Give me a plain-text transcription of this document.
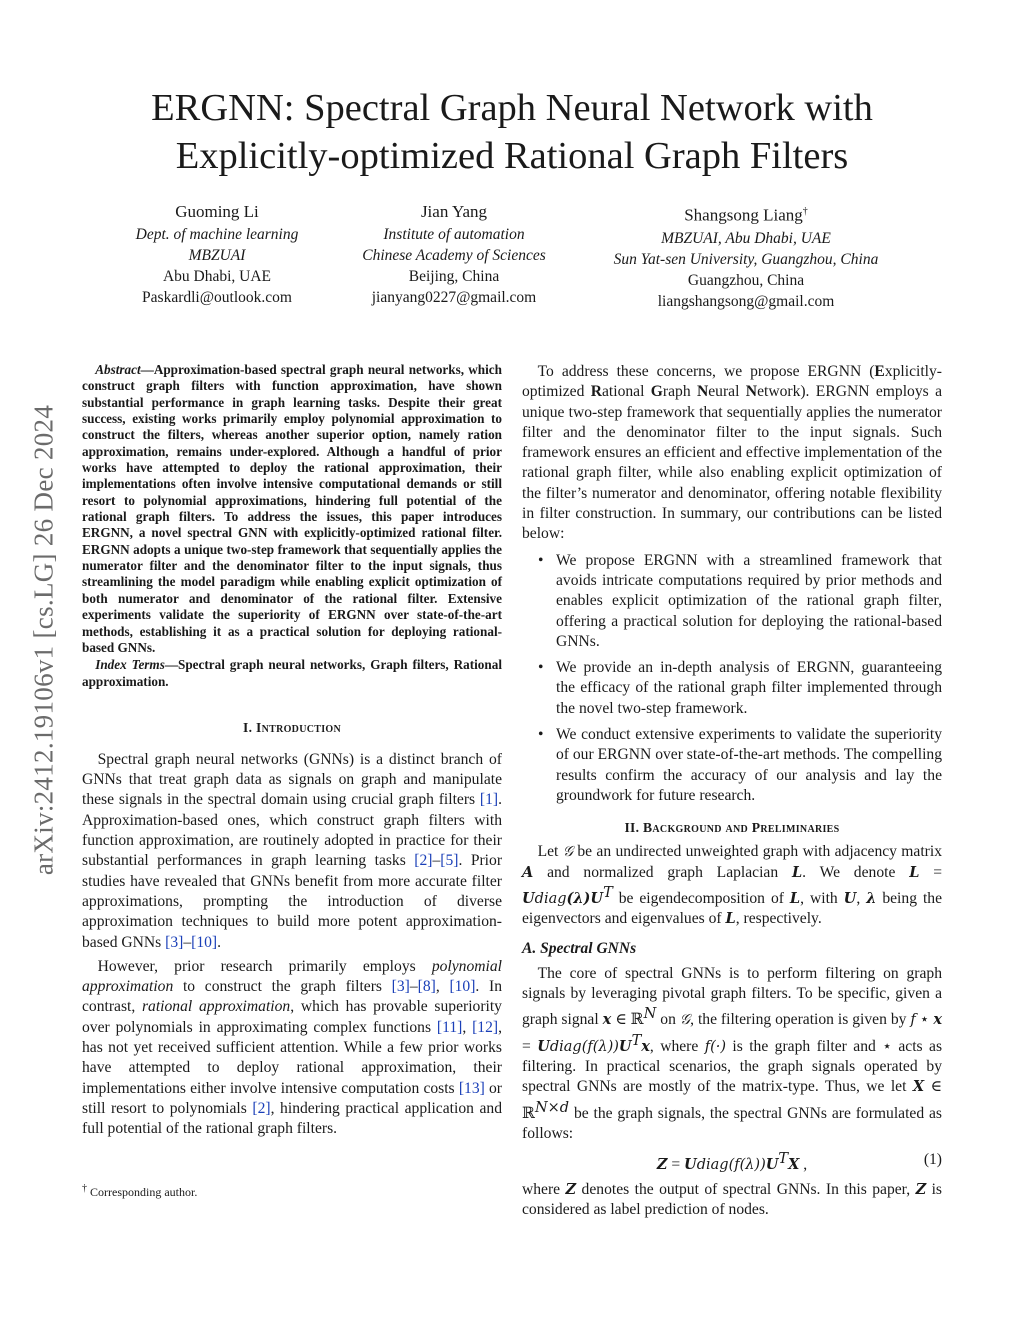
arXiv:2412.19106v1 [cs.LG] 26 Dec 2024
ERGNN: Spectral Graph Neural Network with
Explicitly-optimized Rational Graph Filters
Guoming Li
Dept. of machine learning
MBZUAI
Abu Dhabi, UAE
Paskardli@outlook.com
Jian Yang
Institute of automation
Chinese Academy of Sciences
Beijing, China
jianyang0227@gmail.com
Shangsong Liang†
MBZUAI, Abu Dhabi, UAE
Sun Yat-sen University, Guangzhou, China
Guangzhou, China
liangshangsong@gmail.com

Abstract—Approximation-based spectral graph neural networks, which construct graph filters with function approximation, have shown substantial performance in graph learning tasks. Despite their great success, existing works primarily employ polynomial approximation to construct the filters, whereas another superior option, namely ration approximation, remains under-explored. Although a handful of prior works have attempted to deploy the rational approximation, their implementations often involve intensive computational demands or still resort to polynomial approximations, hindering full potential of the rational graph filters. To address the issues, this paper introduces ERGNN, a novel spectral GNN with explicitly-optimized rational filter. ERGNN adopts a unique two-step framework that sequentially applies the numerator filter and the denominator filter to the input signals, thus streamlining the model paradigm while enabling explicit optimization of both numerator and denominator of the rational filter. Extensive experiments validate the superiority of ERGNN over state-of-the-art methods, establishing it as a practical solution for deploying rational-based GNNs.

Index Terms—Spectral graph neural networks, Graph filters, Rational approximation.

I. Introduction

Spectral graph neural networks (GNNs) is a distinct branch of GNNs that treat graph data as signals on graph and manipulate these signals in the spectral domain using crucial graph filters [1]. Approximation-based ones, which construct graph filters with function approximation, are routinely adopted in practice for their substantial performances in graph learning tasks [2]–[5]. Prior studies have revealed that GNNs benefit from more accurate filter approximations, prompting the introduction of diverse approximation techniques to build more potent approximation-based GNNs [3]–[10].

However, prior research primarily employs polynomial approximation to construct the graph filters [3]–[8], [10]. In contrast, rational approximation, which has provable superiority over polynomials in approximating complex functions [11], [12], has not yet received sufficient attention. While a few prior works have attempted to deploy rational approximation, their implementations either involve intensive computation costs [13] or still resort to polynomials [2], hindering practical application and full potential of the rational graph filters.

† Corresponding author.

To address these concerns, we propose ERGNN (Explicitly-optimized Rational Graph Neural Network). ERGNN employs a unique two-step framework that sequentially applies the numerator filter and the denominator filter to the input signals. Such framework ensures an efficient and effective implementation of the rational graph filter, while also enabling explicit optimization of the filter’s numerator and denominator, offering notable flexibility in filter construction. In summary, our contributions can be listed below:

• We propose ERGNN with a streamlined framework that avoids intricate computations required by prior methods and enables explicit optimization of the rational graph filter, offering a practical solution for deploying the rational-based GNNs.
• We provide an in-depth analysis of ERGNN, guaranteeing the efficacy of the rational graph filter implemented through the novel two-step framework.
• We conduct extensive experiments to validate the superiority of our ERGNN over state-of-the-art methods. The compelling results confirm the accuracy of our analysis and lay the groundwork for future research.
II. Background and Preliminaries

Let 𝒢 be an undirected unweighted graph with adjacency matrix A and normalized graph Laplacian L. We denote $L = Udiag(\lambda)U^T$ be eigendecomposition of L, with U, λ being the eigenvectors and eigenvalues of L, respectively.

A. Spectral GNNs

The core of spectral GNNs is to perform filtering on graph signals by leveraging pivotal graph filters. To be specific, given a graph signal x ∈ ℝ$^N$ on 𝒢, the filtering operation is given by f ⋆ $x = Udiag(f(\lambda))U^Tx$, where f(·) is the graph filter and ⋆ acts as filtering. In practical scenarios, the graph signals operated by spectral GNNs are mostly of the matrix-type. Thus, we let X ∈ ℝ$^{N\times d}$ be the graph signals, the spectral GNNs are formulated as follows:

$Z = Udiag(f(\lambda))U^TX$ ,	(1)

where Z denotes the output of spectral GNNs. In this paper, Z is considered as label prediction of nodes.
